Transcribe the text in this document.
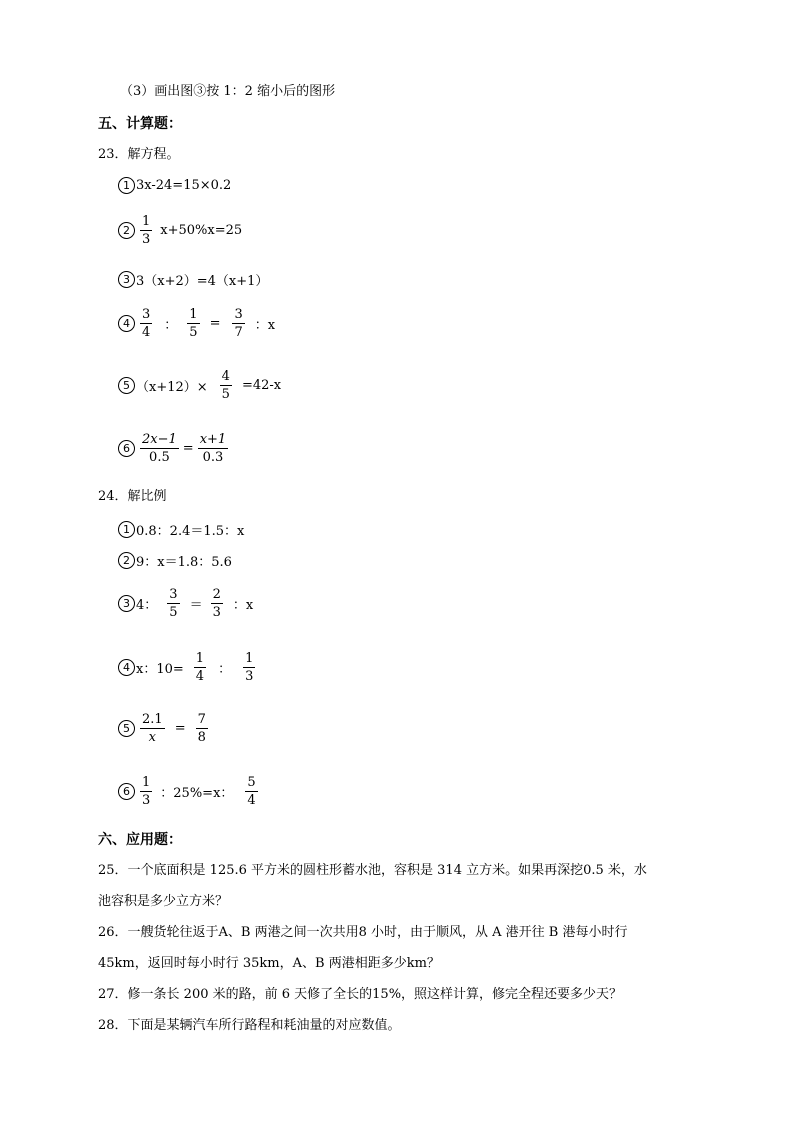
（3）画出图③按 1：2 缩小后的图形
五、计算题：
23．解方程。
1 3x-24=15×0.2
$2 \frac{1}{3} x+50\%x=25$
3 3（x+2）=4（x+1）
$4 \frac{3}{4}$ ： $\frac{1}{5} = \frac{3}{7}$ ：x
5 $(x+12)\times \frac{4}{5} =42-x$
$6 \frac{2x-1}{0.5} = \frac{x+1}{0.3}$
24．解比例
1 0.8：2.4＝1.5：x
2 9：x＝1.8：5.6
3 4： $\frac{3}{5} = \frac{2}{3}$ ：x
4 x：$10= \frac{1}{4}$ ： $\frac{1}{3}$
$5 \frac{2.1}{x} = \frac{7}{8}$
$6 \frac{1}{3}$ ：25%=x： $\frac{5}{4}$
六、应用题：
25．一个底面积是 125.6 平方米的圆柱形蓄水池，容积是 314 立方米。如果再深挖0.5 米，水
池容积是多少立方米？
26．一艘货轮往返于A、B 两港之间一次共用8 小时，由于顺风，从 A 港开往 B 港每小时行
45km，返回时每小时行 35km，A、B 两港相距多少km？
27．修一条长 200 米的路，前 6 天修了全长的15%，照这样计算，修完全程还要多少天？
28．下面是某辆汽车所行路程和耗油量的对应数值。
